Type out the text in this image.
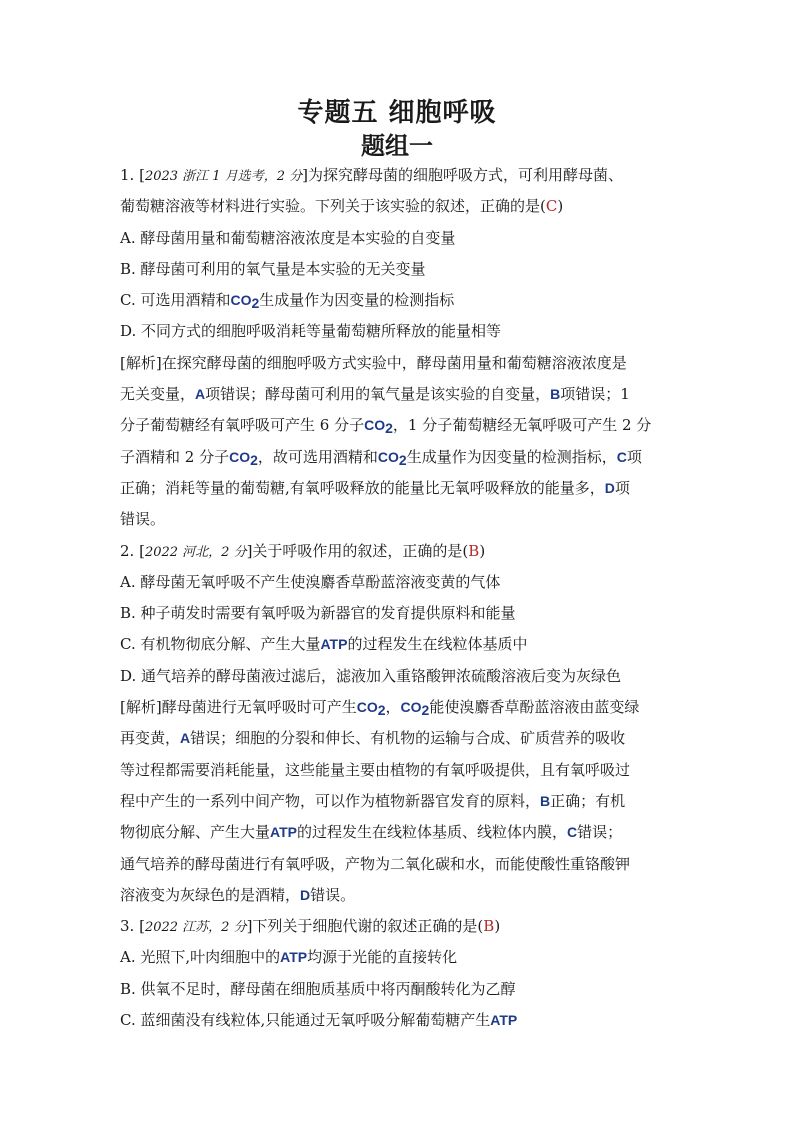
专题五 细胞呼吸
题组一
1. [2023 浙江 1 月选考，2 分]为探究酵母菌的细胞呼吸方式，可利用酵母菌、
葡萄糖溶液等材料进行实验。下列关于该实验的叙述，正确的是(C)
A. 酵母菌用量和葡萄糖溶液浓度是本实验的自变量
B. 酵母菌可利用的氧气量是本实验的无关变量
C. 可选用酒精和$CO_2$生成量作为因变量的检测指标
D. 不同方式的细胞呼吸消耗等量葡萄糖所释放的能量相等
[解析]在探究酵母菌的细胞呼吸方式实验中，酵母菌用量和葡萄糖溶液浓度是
无关变量，A项错误；酵母菌可利用的氧气量是该实验的自变量，B项错误；1
分子葡萄糖经有氧呼吸可产生 6 分子$CO_2$，1 分子葡萄糖经无氧呼吸可产生 2 分
子酒精和 2 分子$CO_2$，故可选用酒精和$CO_2$生成量作为因变量的检测指标，C项
正确；消耗等量的葡萄糖,有氧呼吸释放的能量比无氧呼吸释放的能量多，D项
错误。
2. [2022 河北，2 分]关于呼吸作用的叙述，正确的是(B)
A. 酵母菌无氧呼吸不产生使溴麝香草酚蓝溶液变黄的气体
B. 种子萌发时需要有氧呼吸为新器官的发育提供原料和能量
C. 有机物彻底分解、产生大量ATP的过程发生在线粒体基质中
D. 通气培养的酵母菌液过滤后，滤液加入重铬酸钾浓硫酸溶液后变为灰绿色
[解析]酵母菌进行无氧呼吸时可产生$CO_2$，$CO_2$能使溴麝香草酚蓝溶液由蓝变绿
再变黄，A错误；细胞的分裂和伸长、有机物的运输与合成、矿质营养的吸收
等过程都需要消耗能量，这些能量主要由植物的有氧呼吸提供，且有氧呼吸过
程中产生的一系列中间产物，可以作为植物新器官发育的原料，B正确；有机
物彻底分解、产生大量ATP的过程发生在线粒体基质、线粒体内膜，C错误；
通气培养的酵母菌进行有氧呼吸，产物为二氧化碳和水，而能使酸性重铬酸钾
溶液变为灰绿色的是酒精，D错误。
3. [2022 江苏，2 分]下列关于细胞代谢的叙述正确的是(B)
A. 光照下,叶肉细胞中的ATP均源于光能的直接转化
B. 供氧不足时，酵母菌在细胞质基质中将丙酮酸转化为乙醇
C. 蓝细菌没有线粒体,只能通过无氧呼吸分解葡萄糖产生ATP
